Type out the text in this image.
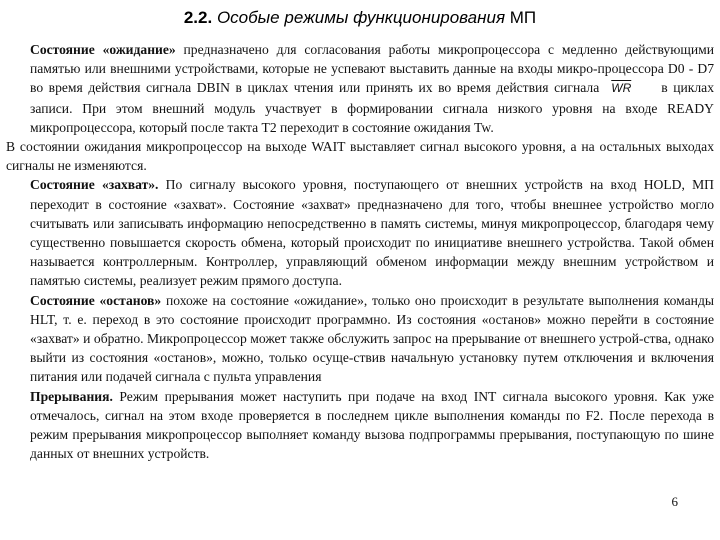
2.2. Особые режимы функционирования МП

Состояние «ожидание» предназначено для согласования работы микропроцессора с медленно действующими памятью или внешними устройствами, которые не успевают выставить данные на входы микро-процессора D0 - D7 во время действия сигнала DBIN в циклах чтения или принять их во время действия сигнала $\overline{WR}$ в циклах записи. При этом внешний модуль участвует в формировании сигнала низкого уровня на входе READY микропроцессора, который после такта T2 переходит в состояние ожидания Tw.

В состоянии ожидания микропроцессор на выходе WAIT выставляет сигнал высокого уровня, а на остальных выходах сигналы не изменяются.

Состояние «захват». По сигналу высокого уровня, поступающего от внешних устройств на вход HOLD, МП переходит в состояние «захват». Состояние «захват» предназначено для того, чтобы внешнее устройство могло считывать или записывать информацию непосредственно в память системы, минуя микропроцессор, благодаря чему существенно повышается скорость обмена, который происходит по инициативе внешнего устройства. Такой обмен называется контроллерным. Контроллер, управляющий обменом информации между внешним устройством и памятью системы, реализует режим прямого доступа.

Состояние «останов» похоже на состояние «ожидание», только оно происходит в результате выполнения команды HLT, т. е. переход в это состояние происходит программно. Из состояния «останов» можно перейти в состояние «захват» и обратно. Микропроцессор может также обслужить запрос на прерывание от внешнего устрой-ства, однако выйти из состояния «останов», можно, только осуще-ствив начальную установку путем отключения и включения питания или подачей сигнала с пульта управления

Прерывания. Режим прерывания может наступить при подаче на вход INT сигнала высокого уровня. Как уже отмечалось, сигнал на этом входе проверяется в последнем цикле выполнения команды по F2. После перехода в режим прерывания микропроцессор выполняет команду вызова подпрограммы прерывания, поступающую по шине данных от внешних устройств.

6
